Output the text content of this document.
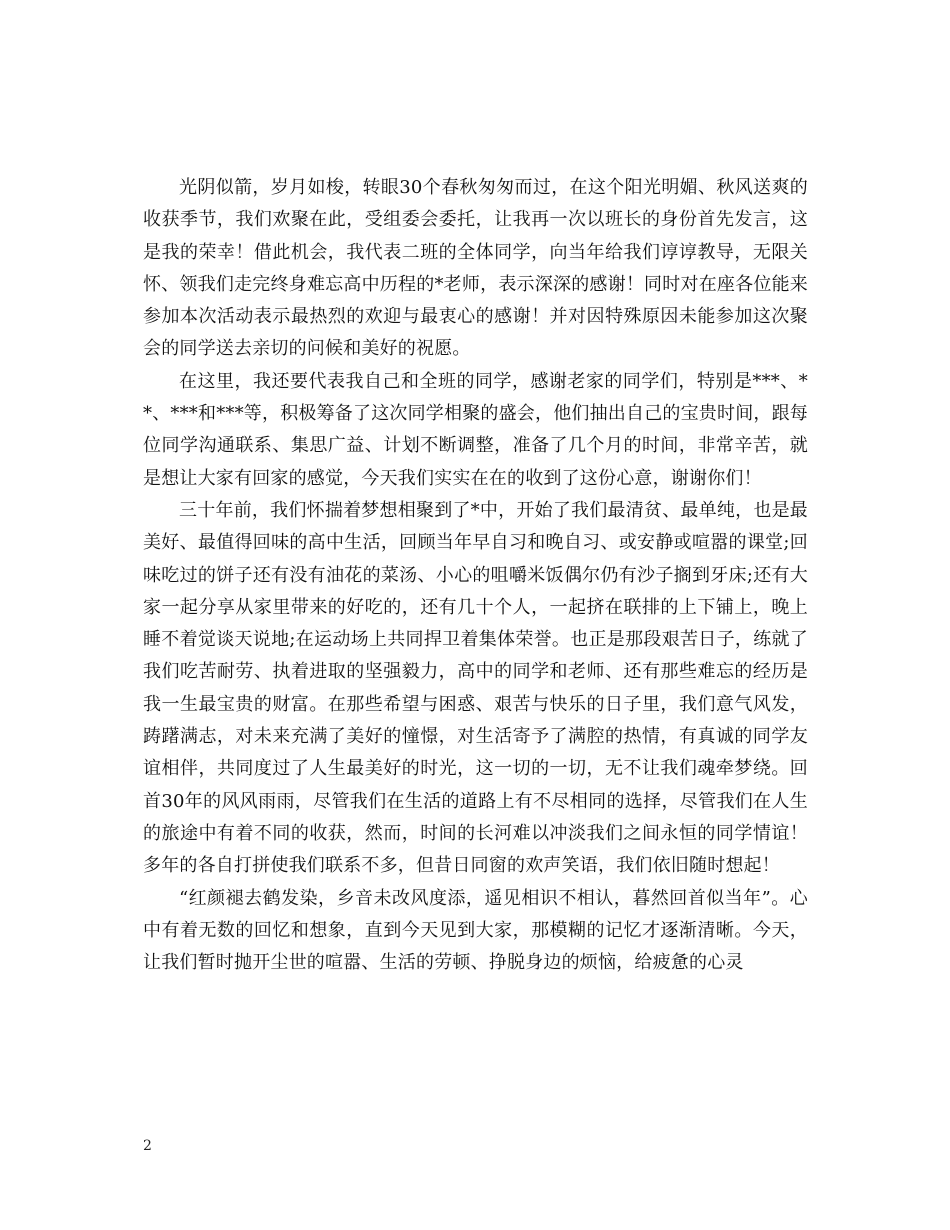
光阴似箭，岁月如梭，转眼30个春秋匆匆而过，在这个阳光明媚、秋风送爽的收获季节，我们欢聚在此，受组委会委托，让我再一次以班长的身份首先发言，这是我的荣幸！借此机会，我代表二班的全体同学，向当年给我们谆谆教导，无限关怀、领我们走完终身难忘高中历程的*老师，表示深深的感谢！同时对在座各位能来参加本次活动表示最热烈的欢迎与最衷心的感谢！并对因特殊原因未能参加这次聚会的同学送去亲切的问候和美好的祝愿。

在这里，我还要代表我自己和全班的同学，感谢老家的同学们，特别是***、**、***和***等，积极筹备了这次同学相聚的盛会，他们抽出自己的宝贵时间，跟每位同学沟通联系、集思广益、计划不断调整，准备了几个月的时间，非常辛苦，就是想让大家有回家的感觉，今天我们实实在在的收到了这份心意，谢谢你们！

三十年前，我们怀揣着梦想相聚到了*中，开始了我们最清贫、最单纯，也是最美好、最值得回味的高中生活，回顾当年早自习和晚自习、或安静或喧嚣的课堂;回味吃过的饼子还有没有油花的菜汤、小心的咀嚼米饭偶尔仍有沙子搁到牙床;还有大家一起分享从家里带来的好吃的，还有几十个人，一起挤在联排的上下铺上，晚上睡不着觉谈天说地;在运动场上共同捍卫着集体荣誉。也正是那段艰苦日子，练就了我们吃苦耐劳、执着进取的坚强毅力，高中的同学和老师、还有那些难忘的经历是我一生最宝贵的财富。在那些希望与困惑、艰苦与快乐的日子里，我们意气风发，踌躇满志，对未来充满了美好的憧憬，对生活寄予了满腔的热情，有真诚的同学友谊相伴，共同度过了人生最美好的时光，这一切的一切，无不让我们魂牵梦绕。回首30年的风风雨雨，尽管我们在生活的道路上有不尽相同的选择，尽管我们在人生的旅途中有着不同的收获，然而，时间的长河难以冲淡我们之间永恒的同学情谊！多年的各自打拼使我们联系不多，但昔日同窗的欢声笑语，我们依旧随时想起！

“红颜褪去鹤发染，乡音未改风度添，遥见相识不相认，暮然回首似当年”。心中有着无数的回忆和想象，直到今天见到大家，那模糊的记忆才逐渐清晰。今天，让我们暂时抛开尘世的喧嚣、生活的劳顿、挣脱身边的烦恼，给疲惫的心灵

2
